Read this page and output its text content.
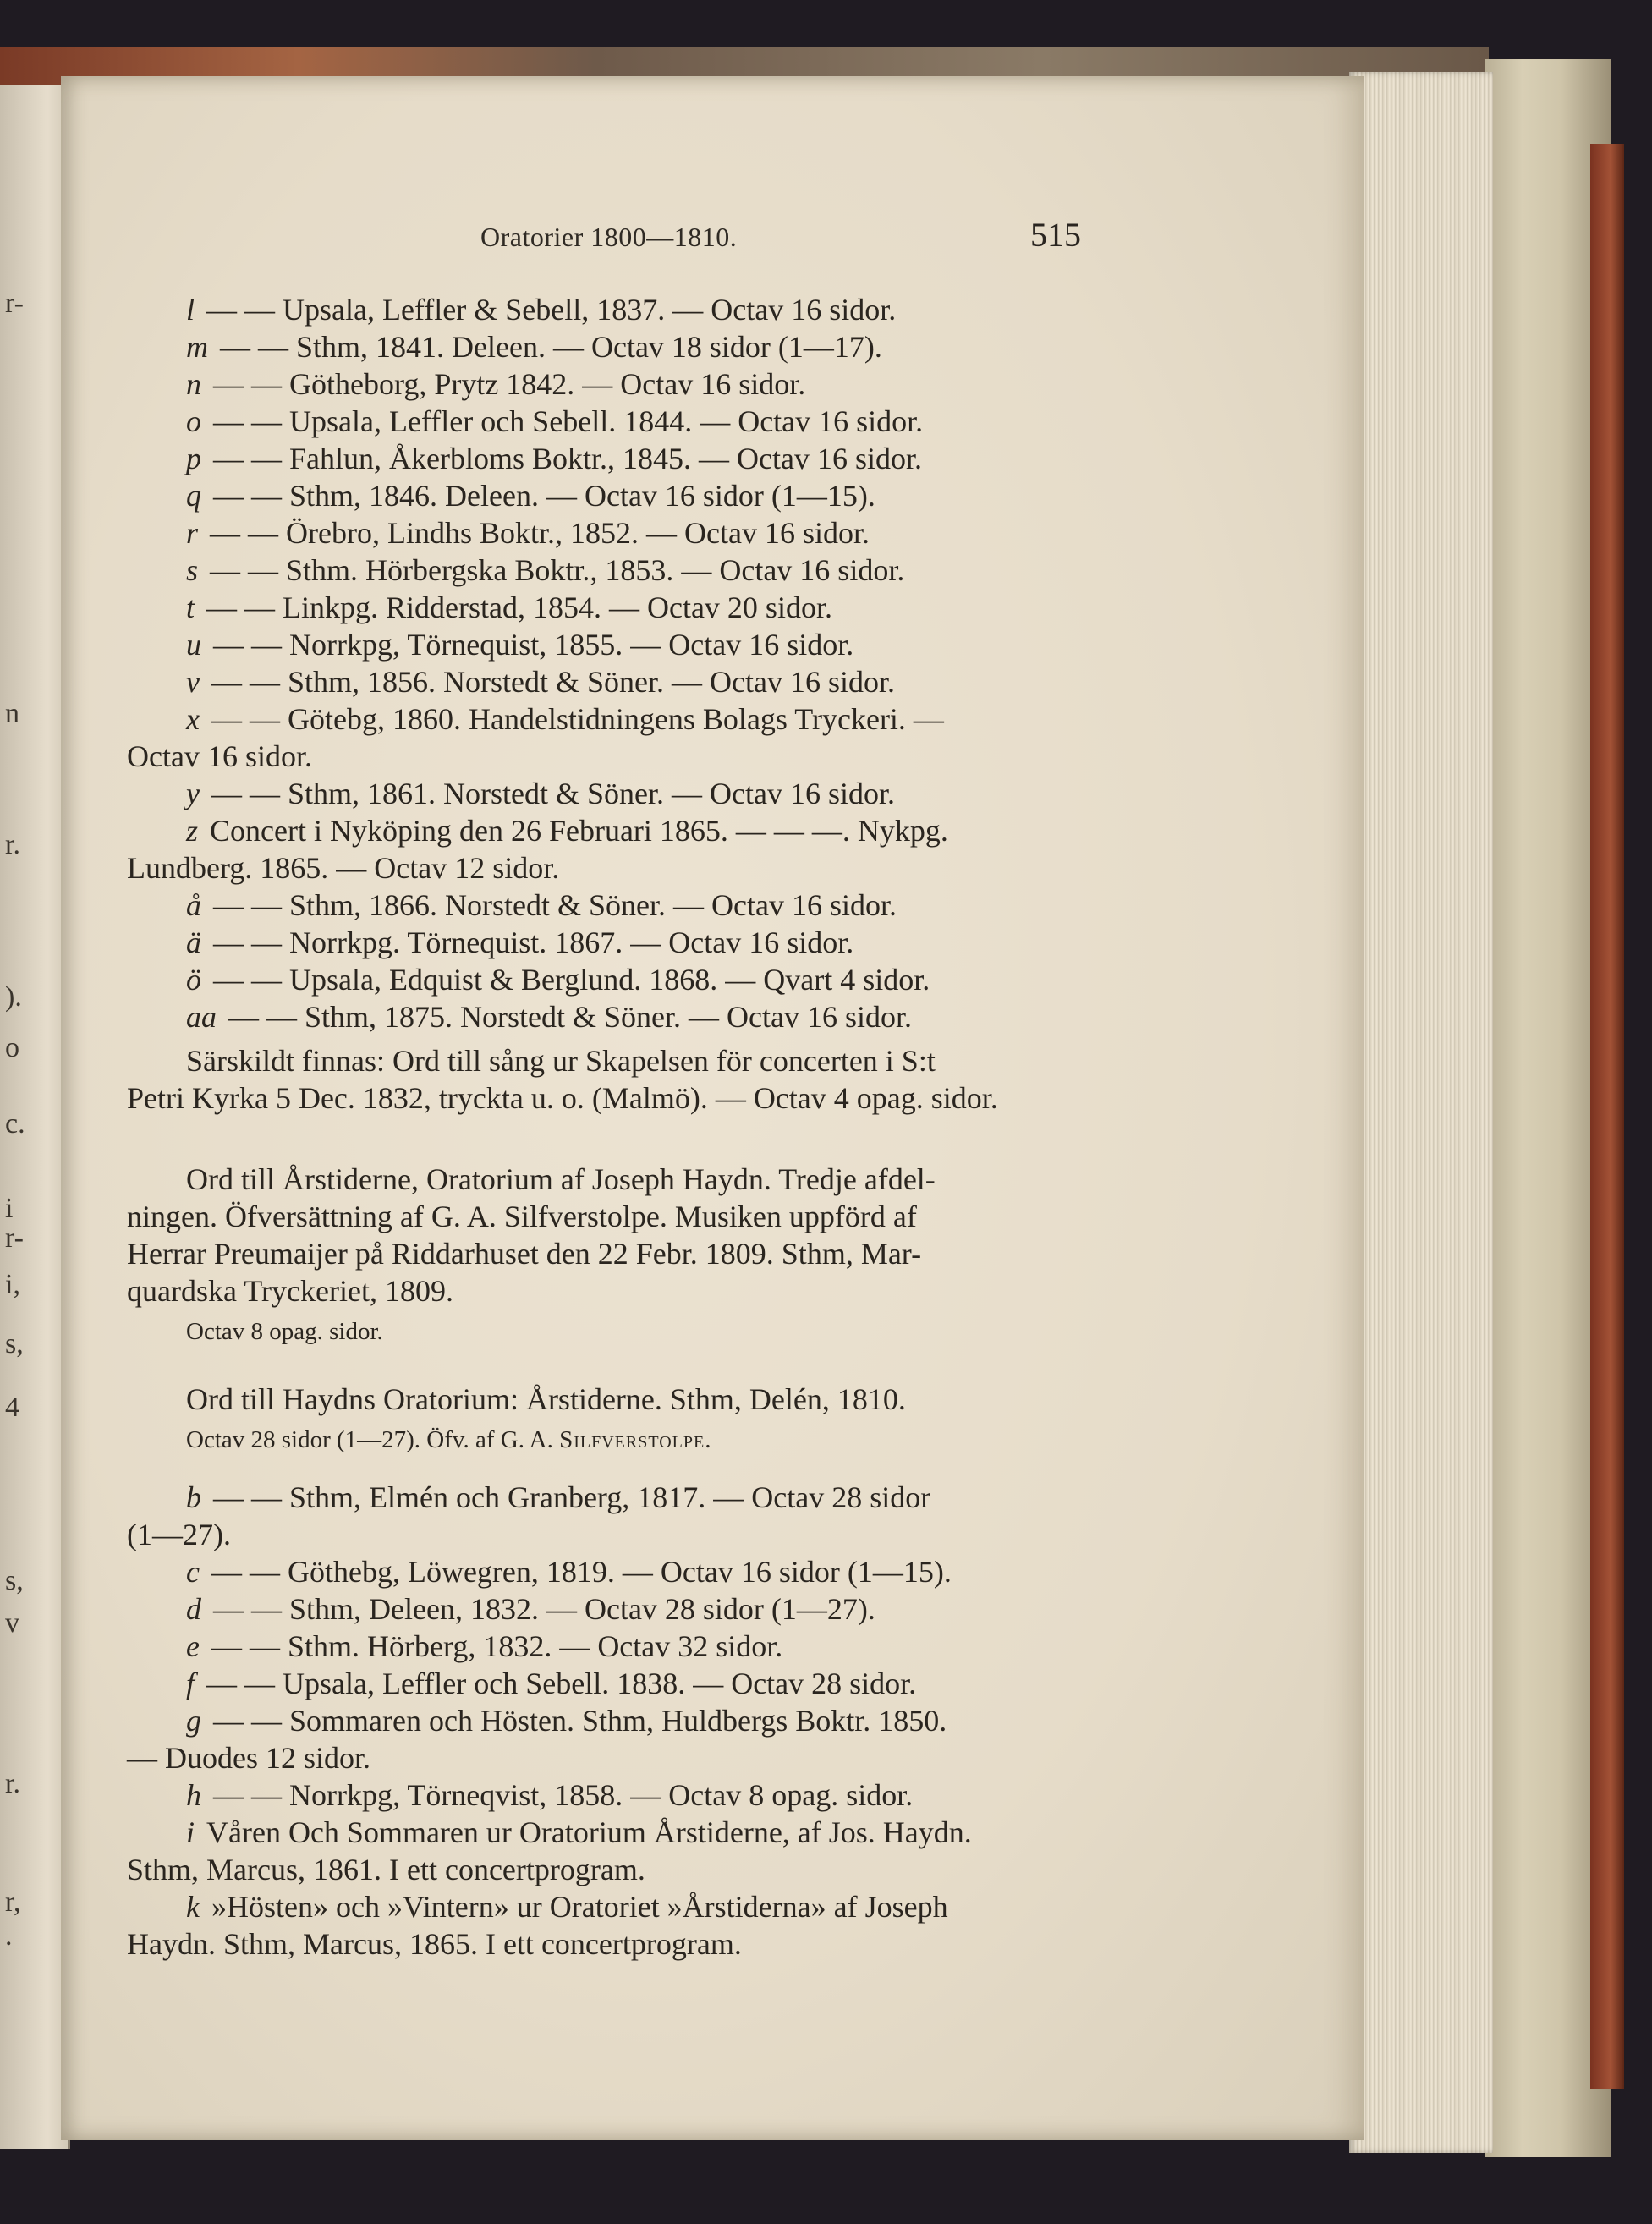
r-
n
r.
).
o
c.
i
r-
i,
s,
4
s,
v
r.
r,
.
Oratorier 1800—1810.	515
l — — Upsala, Leffler & Sebell, 1837. — Octav 16 sidor.
m — — Sthm, 1841. Deleen. — Octav 18 sidor (1—17).
n — — Götheborg, Prytz 1842. — Octav 16 sidor.
o — — Upsala, Leffler och Sebell. 1844. — Octav 16 sidor.
p — — Fahlun, Åkerbloms Boktr., 1845. — Octav 16 sidor.
q — — Sthm, 1846. Deleen. — Octav 16 sidor (1—15).
r — — Örebro, Lindhs Boktr., 1852. — Octav 16 sidor.
s — — Sthm. Hörbergska Boktr., 1853. — Octav 16 sidor.
t — — Linkpg. Ridderstad, 1854. — Octav 20 sidor.
u — — Norrkpg, Törnequist, 1855. — Octav 16 sidor.
v — — Sthm, 1856. Norstedt & Söner. — Octav 16 sidor.
x — — Götebg, 1860. Handelstidningens Bolags Tryckeri. —
Octav 16 sidor.
y — — Sthm, 1861. Norstedt & Söner. — Octav 16 sidor.
z Concert i Nyköping den 26 Februari 1865. — — —. Nykpg.
Lundberg. 1865. — Octav 12 sidor.
å — — Sthm, 1866. Norstedt & Söner. — Octav 16 sidor.
ä — — Norrkpg. Törnequist. 1867. — Octav 16 sidor.
ö — — Upsala, Edquist & Berglund. 1868. — Qvart 4 sidor.
aa — — Sthm, 1875. Norstedt & Söner. — Octav 16 sidor.
Särskildt finnas: Ord till sång ur Skapelsen för concerten i S:t
Petri Kyrka 5 Dec. 1832, tryckta u. o. (Malmö). — Octav 4 opag. sidor.
Ord till Årstiderne, Oratorium af Joseph Haydn. Tredje afdel-
ningen. Öfversättning af G. A. Silfverstolpe. Musiken uppförd af
Herrar Preumaijer på Riddarhuset den 22 Febr. 1809. Sthm, Mar-
quardska Tryckeriet, 1809.
Octav 8 opag. sidor.
Ord till Haydns Oratorium: Årstiderne. Sthm, Delén, 1810.
Octav 28 sidor (1—27). Öfv. af G. A. Silfverstolpe.
b — — Sthm, Elmén och Granberg, 1817. — Octav 28 sidor
(1—27).
c — — Göthebg, Löwegren, 1819. — Octav 16 sidor (1—15).
d — — Sthm, Deleen, 1832. — Octav 28 sidor (1—27).
e — — Sthm. Hörberg, 1832. — Octav 32 sidor.
f — — Upsala, Leffler och Sebell. 1838. — Octav 28 sidor.
g — — Sommaren och Hösten. Sthm, Huldbergs Boktr. 1850.
— Duodes 12 sidor.
h — — Norrkpg, Törneqvist, 1858. — Octav 8 opag. sidor.
i Våren Och Sommaren ur Oratorium Årstiderne, af Jos. Haydn.
Sthm, Marcus, 1861. I ett concertprogram.
k »Hösten» och »Vintern» ur Oratoriet »Årstiderna» af Joseph
Haydn. Sthm, Marcus, 1865. I ett concertprogram.
